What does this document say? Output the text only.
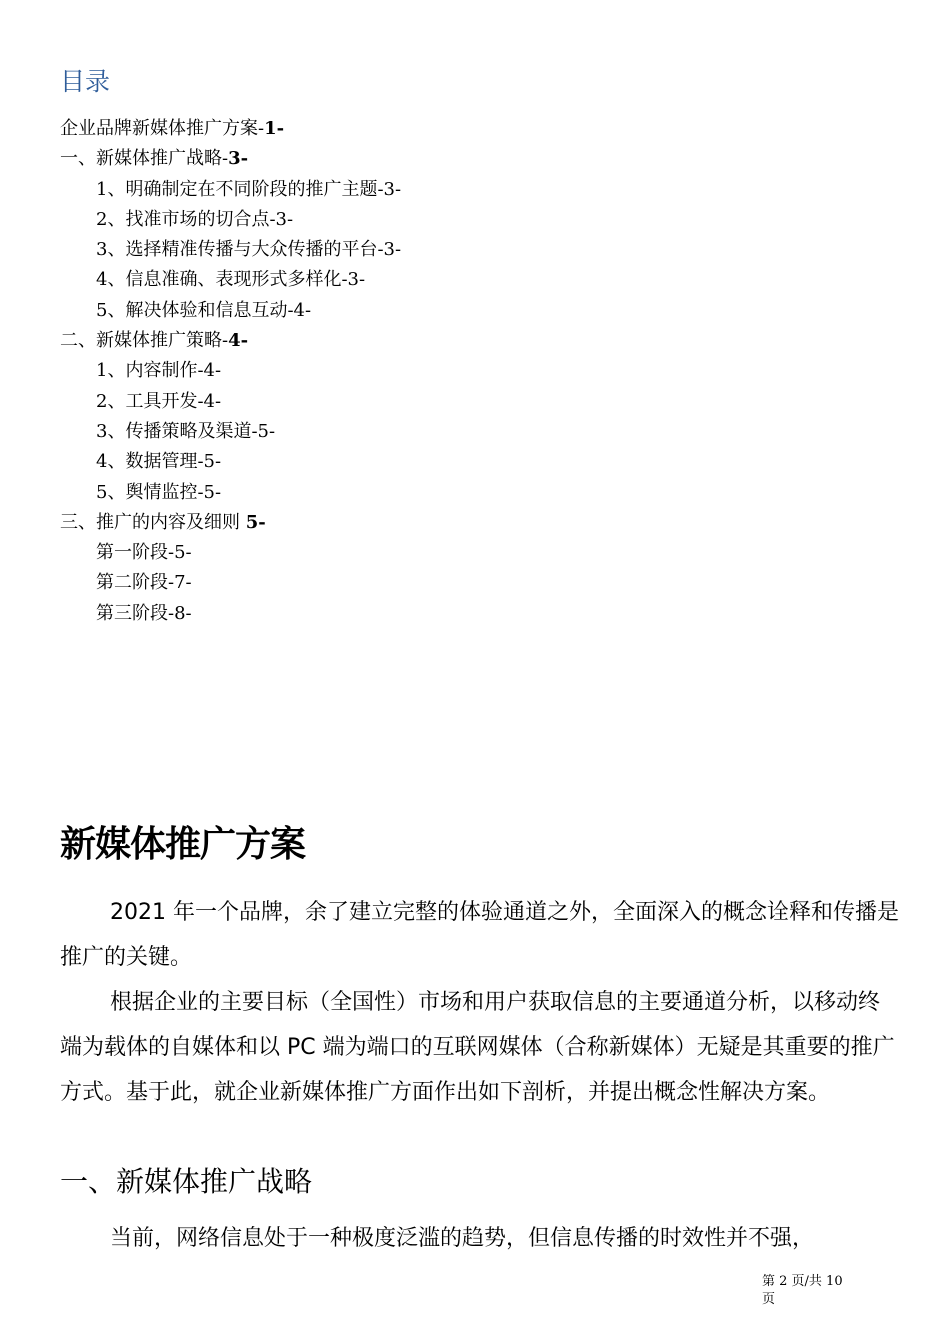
目录
企业品牌新媒体推广方案-1-
一、新媒体推广战略-3-
1、明确制定在不同阶段的推广主题-3-
2、找准市场的切合点-3-
3、选择精准传播与大众传播的平台-3-
4、信息准确、表现形式多样化-3-
5、解决体验和信息互动-4-
二、新媒体推广策略-4-
1、内容制作-4-
2、工具开发-4-
3、传播策略及渠道-5-
4、数据管理-5-
5、舆情监控-5-
三、推广的内容及细则 5-
第一阶段-5-
第二阶段-7-
第三阶段-8-
新媒体推广方案

2021 年一个品牌，余了建立完整的体验通道之外，全面深入的概念诠释和传播是推广的关键。

根据企业的主要目标（全国性）市场和用户获取信息的主要通道分析，以移动终端为载体的自媒体和以 PC 端为端口的互联网媒体（合称新媒体）无疑是其重要的推广方式。基于此，就企业新媒体推广方面作出如下剖析，并提出概念性解决方案。

一、新媒体推广战略

当前，网络信息处于一种极度泛滥的趋势，但信息传播的时效性并不强，

第 2 页/共 10 页
